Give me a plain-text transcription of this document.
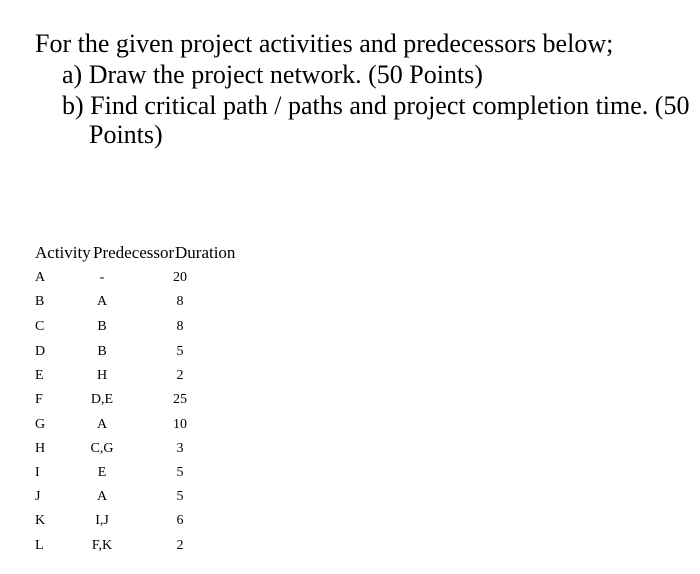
For the given project activities and predecessors below;
a) Draw the project network. (50 Points)
b) Find critical path / paths and project completion time. (50
Points)
Activity Predecessor Duration
A	-	20
B	A	8
C	B	8
D	B	5
E	H	2
F	D,E	25
G	A	10
H	C,G	3
I	E	5
J	A	5
K	I,J	6
L	F,K	2
